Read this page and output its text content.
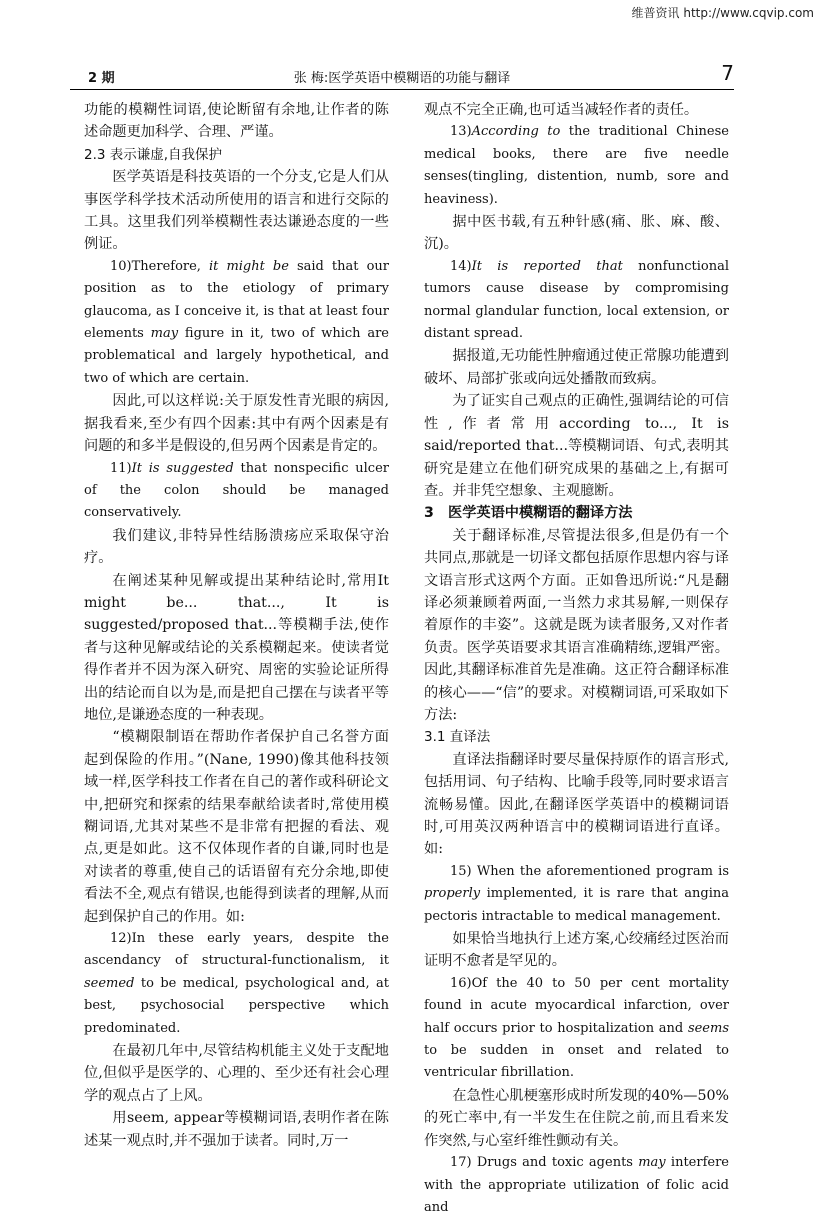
维普资讯 http://www.cqvip.com
2 期	张 梅:医学英语中模糊语的功能与翻译	7

功能的模糊性词语,使论断留有余地,让作者的陈述命题更加科学、合理、严谨。

2.3 表示谦虚,自我保护

医学英语是科技英语的一个分支,它是人们从事医学科学技术活动所使用的语言和进行交际的工具。这里我们列举模糊性表达谦逊态度的一些例证。

10)Therefore, it might be said that our position as to the etiology of primary glaucoma, as I conceive it, is that at least four elements may figure in it, two of which are problematical and largely hypothetical, and two of which are certain.

因此,可以这样说:关于原发性青光眼的病因,据我看来,至少有四个因素:其中有两个因素是有问题的和多半是假设的,但另两个因素是肯定的。

11)It is suggested that nonspecific ulcer of the colon should be managed conservatively.

我们建议,非特异性结肠溃疡应采取保守治疗。

在阐述某种见解或提出某种结论时,常用It might be... that..., It is suggested/proposed that...等模糊手法,使作者与这种见解或结论的关系模糊起来。使读者觉得作者并不因为深入研究、周密的实验论证所得出的结论而自以为是,而是把自己摆在与读者平等地位,是谦逊态度的一种表现。

“模糊限制语在帮助作者保护自己名誉方面起到保险的作用。”(Nane, 1990)像其他科技领域一样,医学科技工作者在自己的著作或科研论文中,把研究和探索的结果奉献给读者时,常使用模糊词语,尤其对某些不是非常有把握的看法、观点,更是如此。这不仅体现作者的自谦,同时也是对读者的尊重,使自己的话语留有充分余地,即使看法不全,观点有错误,也能得到读者的理解,从而起到保护自己的作用。如:

12)In these early years, despite the ascendancy of structural-functionalism, it seemed to be medical, psychological and, at best, psychosocial perspective which predominated.

在最初几年中,尽管结构机能主义处于支配地位,但似乎是医学的、心理的、至少还有社会心理学的观点占了上风。

用seem, appear等模糊词语,表明作者在陈述某一观点时,并不强加于读者。同时,万一

观点不完全正确,也可适当减轻作者的责任。

13)According to the traditional Chinese medical books, there are five needle senses(tingling, distention, numb, sore and heaviness).

据中医书载,有五种针感(痛、胀、麻、酸、沉)。

14)It is reported that nonfunctional tumors cause disease by compromising normal glandular function, local extension, or distant spread.

据报道,无功能性肿瘤通过使正常腺功能遭到破坏、局部扩张或向远处播散而致病。

为了证实自己观点的正确性,强调结论的可信性,作者常用according to..., It is said/reported that...等模糊词语、句式,表明其研究是建立在他们研究成果的基础之上,有据可查。并非凭空想象、主观臆断。

3　医学英语中模糊语的翻译方法

关于翻译标准,尽管提法很多,但是仍有一个共同点,那就是一切译文都包括原作思想内容与译文语言形式这两个方面。正如鲁迅所说:“凡是翻译必须兼顾着两面,一当然力求其易解,一则保存着原作的丰姿”。这就是既为读者服务,又对作者负责。医学英语要求其语言准确精练,逻辑严密。因此,其翻译标准首先是准确。这正符合翻译标准的核心——“信”的要求。对模糊词语,可采取如下方法:

3.1 直译法

直译法指翻译时要尽量保持原作的语言形式,包括用词、句子结构、比喻手段等,同时要求语言流畅易懂。因此,在翻译医学英语中的模糊词语时,可用英汉两种语言中的模糊词语进行直译。如:

15) When the aforementioned program is properly implemented, it is rare that angina pectoris intractable to medical management.

如果恰当地执行上述方案,心绞痛经过医治而证明不愈者是罕见的。

16)Of the 40 to 50 per cent mortality found in acute myocardical infarction, over half occurs prior to hospitalization and seems to be sudden in onset and related to ventricular fibrillation.

在急性心肌梗塞形成时所发现的40%—50%的死亡率中,有一半发生在住院之前,而且看来发作突然,与心室纤维性颤动有关。

17) Drugs and toxic agents may interfere with the appropriate utilization of folic acid and
